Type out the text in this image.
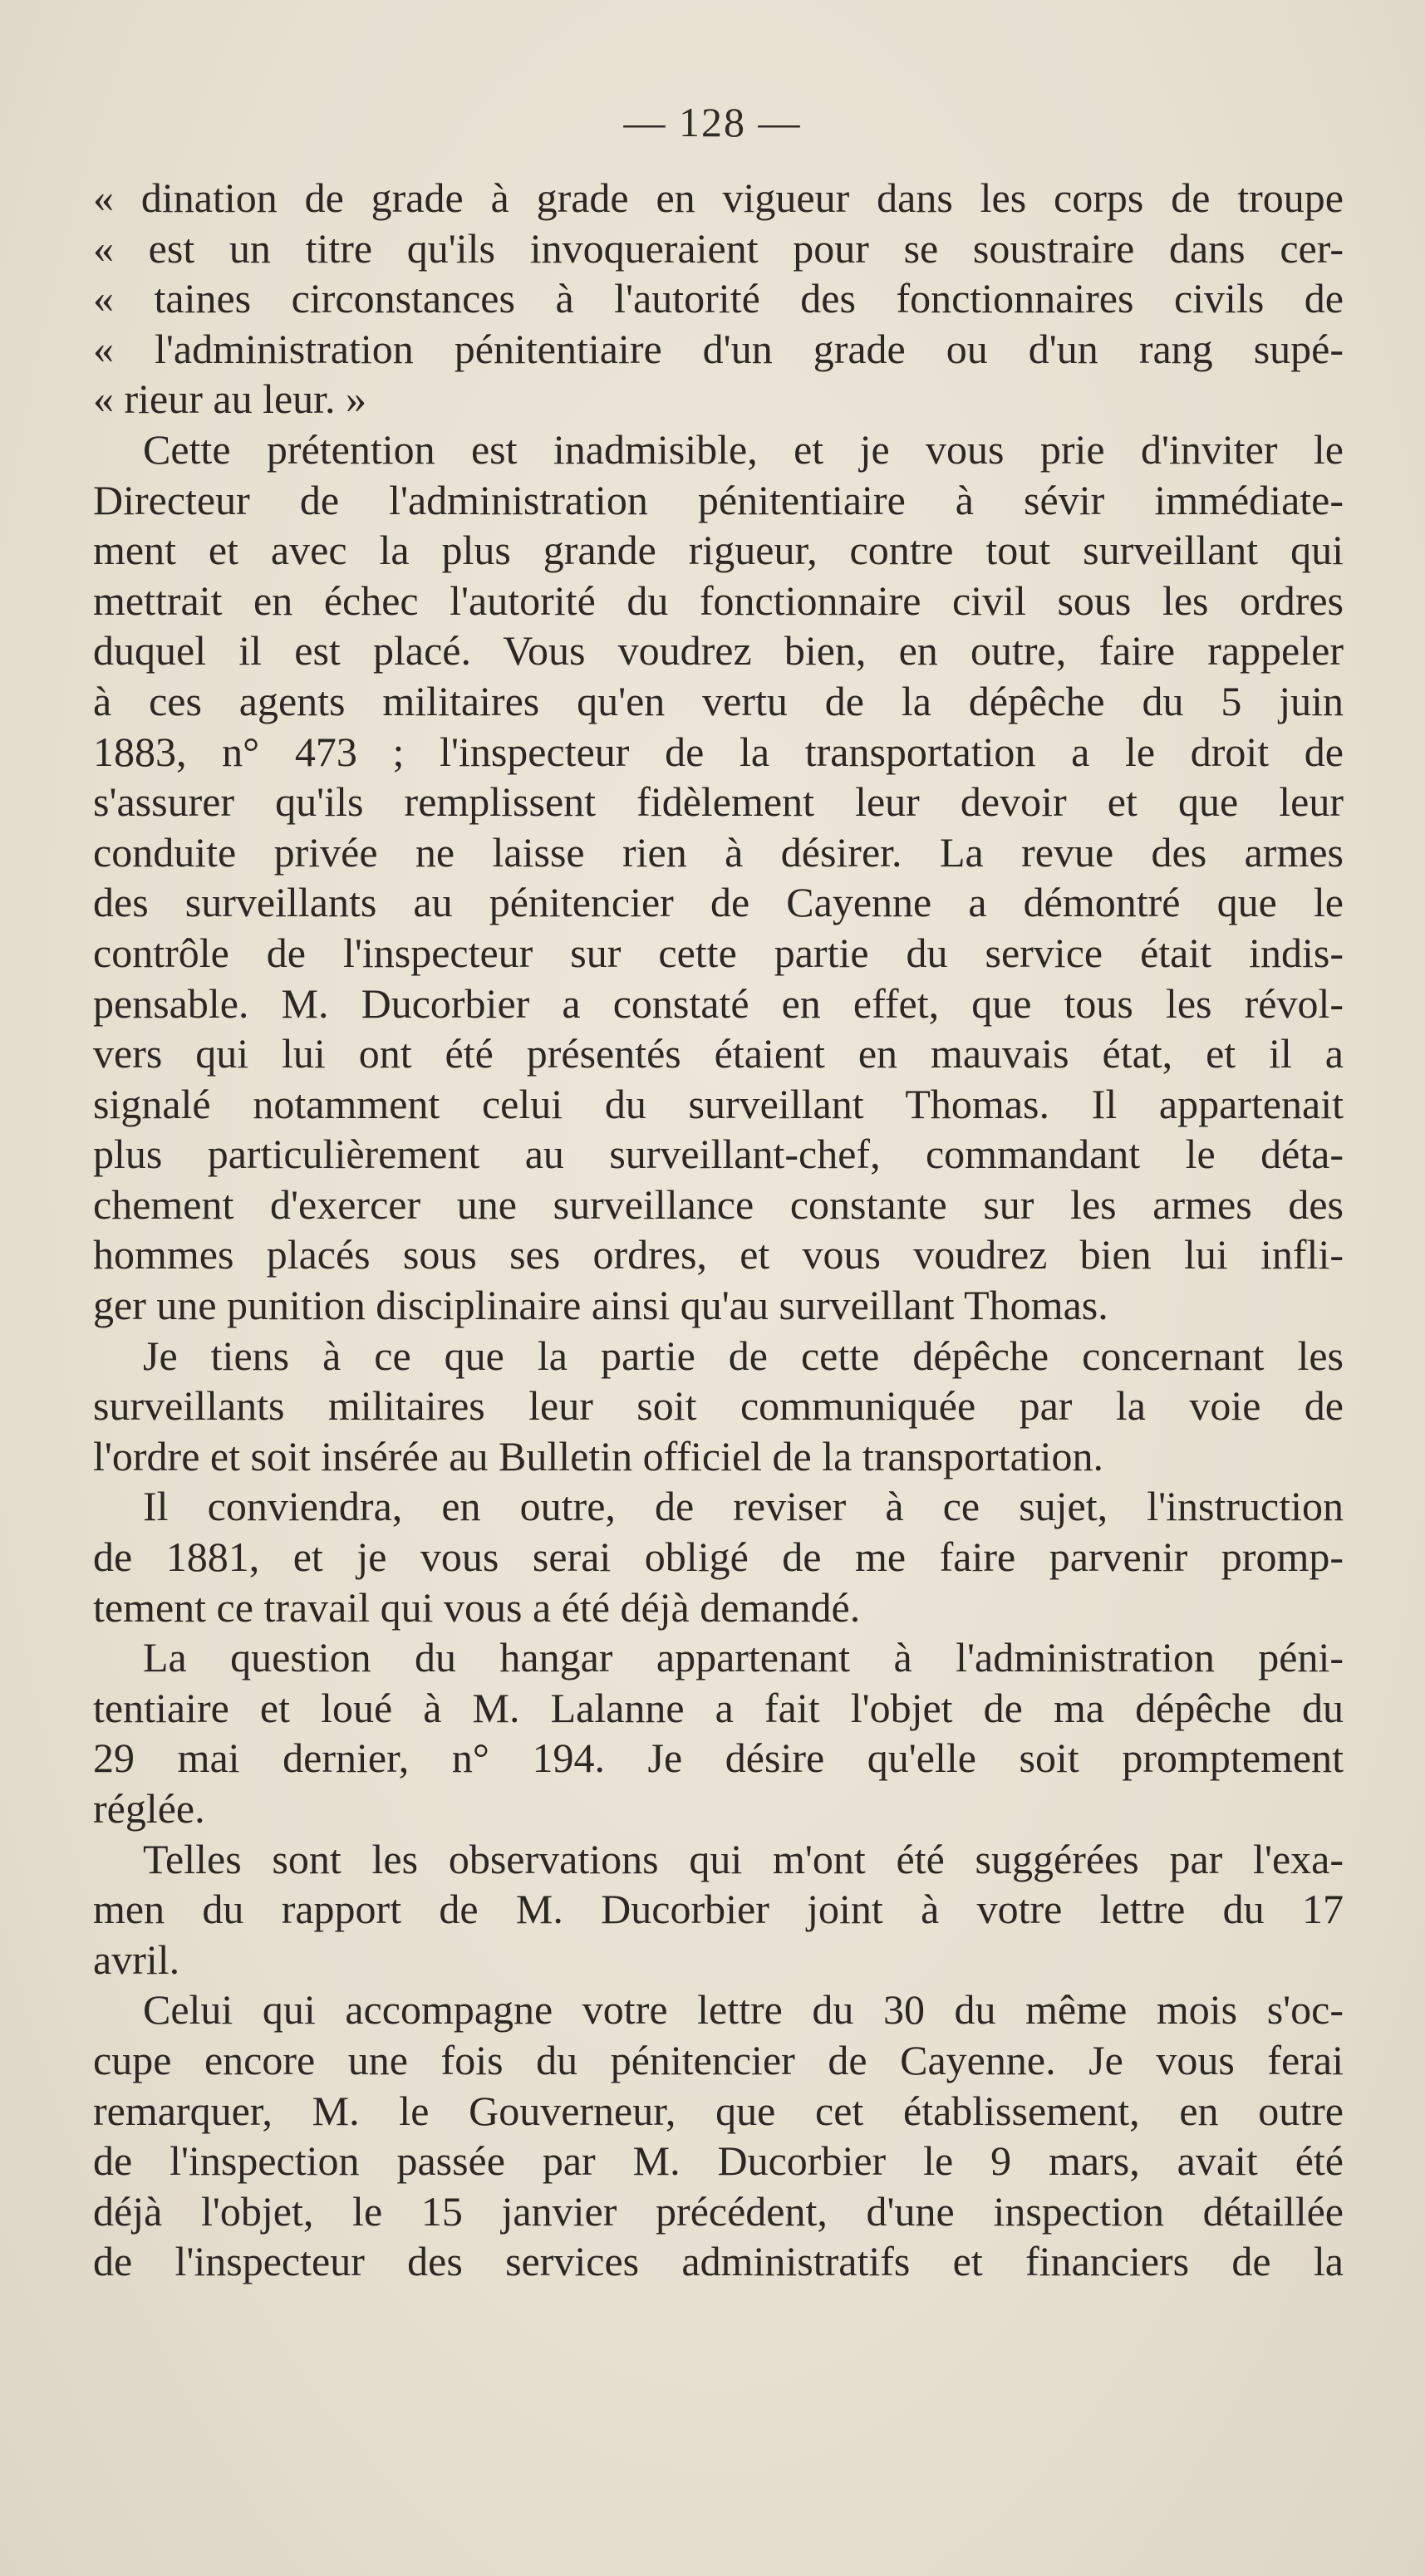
— 128 —
« dination de grade à grade en vigueur dans les corps de troupe
« est un titre qu'ils invoqueraient pour se soustraire dans cer-
« taines circonstances à l'autorité des fonctionnaires civils de
« l'administration pénitentiaire d'un grade ou d'un rang supé-
« rieur au leur. »
Cette prétention est inadmisible, et je vous prie d'inviter le
Directeur de l'administration pénitentiaire à sévir immédiate-
ment et avec la plus grande rigueur, contre tout surveillant qui
mettrait en échec l'autorité du fonctionnaire civil sous les ordres
duquel il est placé. Vous voudrez bien, en outre, faire rappeler
à ces agents militaires qu'en vertu de la dépêche du 5 juin
1883, n° 473 ; l'inspecteur de la transportation a le droit de
s'assurer qu'ils remplissent fidèlement leur devoir et que leur
conduite privée ne laisse rien à désirer. La revue des armes
des surveillants au pénitencier de Cayenne a démontré que le
contrôle de l'inspecteur sur cette partie du service était indis-
pensable. M. Ducorbier a constaté en effet, que tous les révol-
vers qui lui ont été présentés étaient en mauvais état, et il a
signalé notamment celui du surveillant Thomas. Il appartenait
plus particulièrement au surveillant-chef, commandant le déta-
chement d'exercer une surveillance constante sur les armes des
hommes placés sous ses ordres, et vous voudrez bien lui infli-
ger une punition disciplinaire ainsi qu'au surveillant Thomas.
Je tiens à ce que la partie de cette dépêche concernant les
surveillants militaires leur soit communiquée par la voie de
l'ordre et soit insérée au Bulletin officiel de la transportation.
Il conviendra, en outre, de reviser à ce sujet, l'instruction
de 1881, et je vous serai obligé de me faire parvenir promp-
tement ce travail qui vous a été déjà demandé.
La question du hangar appartenant à l'administration péni-
tentiaire et loué à M. Lalanne a fait l'objet de ma dépêche du
29 mai dernier, n° 194. Je désire qu'elle soit promptement
réglée.
Telles sont les observations qui m'ont été suggérées par l'exa-
men du rapport de M. Ducorbier joint à votre lettre du 17
avril.
Celui qui accompagne votre lettre du 30 du même mois s'oc-
cupe encore une fois du pénitencier de Cayenne. Je vous ferai
remarquer, M. le Gouverneur, que cet établissement, en outre
de l'inspection passée par M. Ducorbier le 9 mars, avait été
déjà l'objet, le 15 janvier précédent, d'une inspection détaillée
de l'inspecteur des services administratifs et financiers de la
